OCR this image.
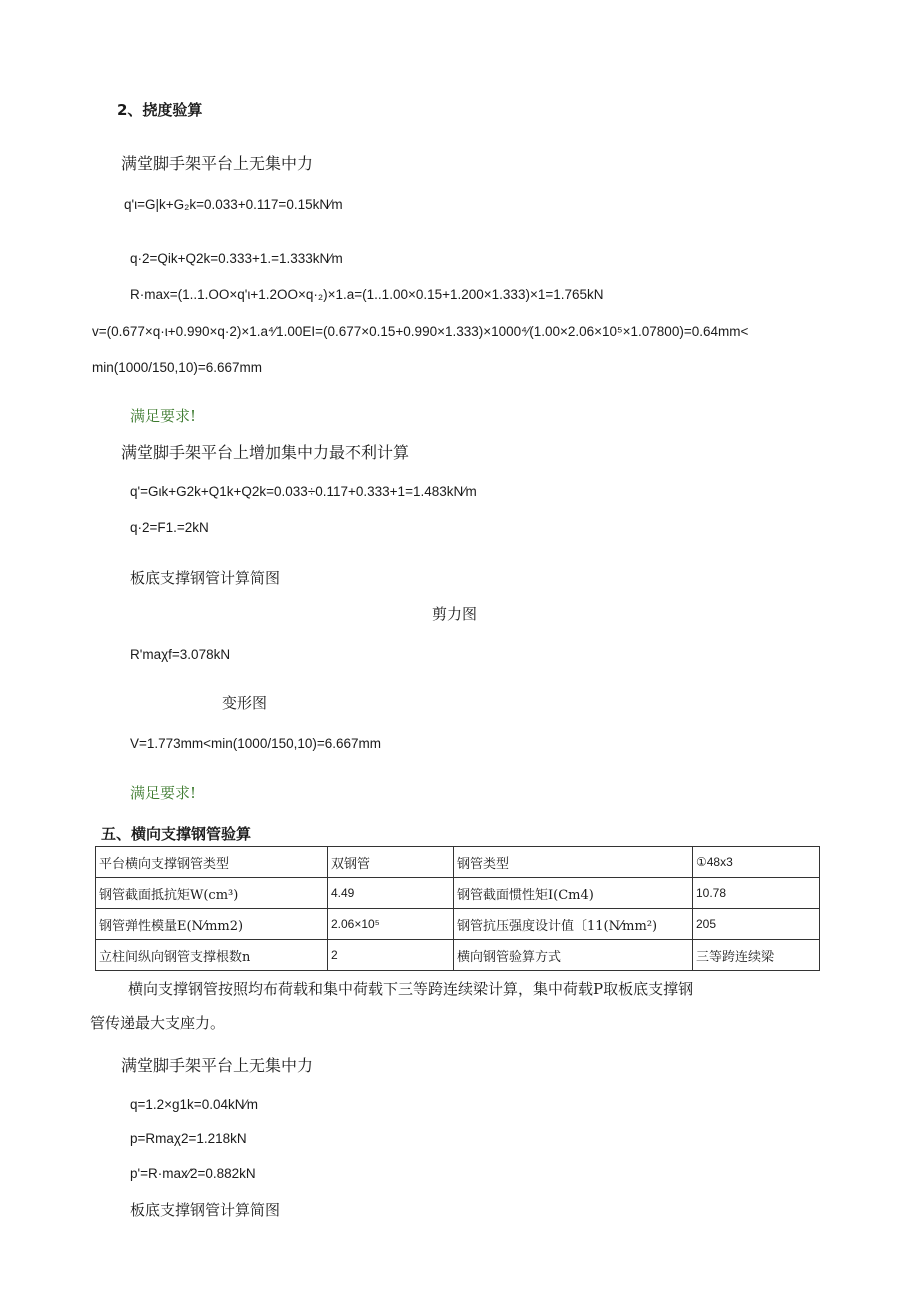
2、挠度验算
满堂脚手架平台上无集中力
q'ι=G|k+G₂k=0.033+0.117=0.15kN⁄m
q·2=Qik+Q2k=0.333+1.=1.333kN⁄m
R·max=(1..1.OO×q'ι+1.2OO×q·₂)×1.a=(1..1.00×0.15+1.200×1.333)×1=1.765kN
v=(0.677×q·ι+0.990×q·2)×1.a⁴⁄1.00EI=(0.677×0.15+0.990×1.333)×1000⁴⁄(1.00×2.06×10⁵×1.07800)=0.64mm<
min(1000/150,10)=6.667mm
满足要求!
满堂脚手架平台上增加集中力最不利计算
q'=Gιk+G2k+Q1k+Q2k=0.033÷0.117+0.333+1=1.483kN⁄m
q·2=F1.=2kN
板底支撑钢管计算简图
剪力图
R'maχf=3.078kN
变形图
V=1.773mm<min(1000/150,10)=6.667mm
满足要求!
五、横向支撑钢管验算
平台横向支撑钢管类型	双钢管	钢管类型	①48x3
钢管截面抵抗矩W(cm³)	4.49	钢管截面惯性矩I(Cm4)	10.78
钢管弹性模量E(N⁄mm2)	2.06×10⁵	钢管抗压强度设计值〔11(N⁄mm²)	205
立柱间纵向钢管支撑根数n	2	横向钢管验算方式	三等跨连续梁
横向支撑钢管按照均布荷载和集中荷载下三等跨连续梁计算，集中荷载P取板底支撑钢
管传递最大支座力。
满堂脚手架平台上无集中力
q=1.2×g1k=0.04kN⁄m
p=Rmaχ2=1.218kN
p'=R·max⁄2=0.882kN
板底支撑钢管计算简图
